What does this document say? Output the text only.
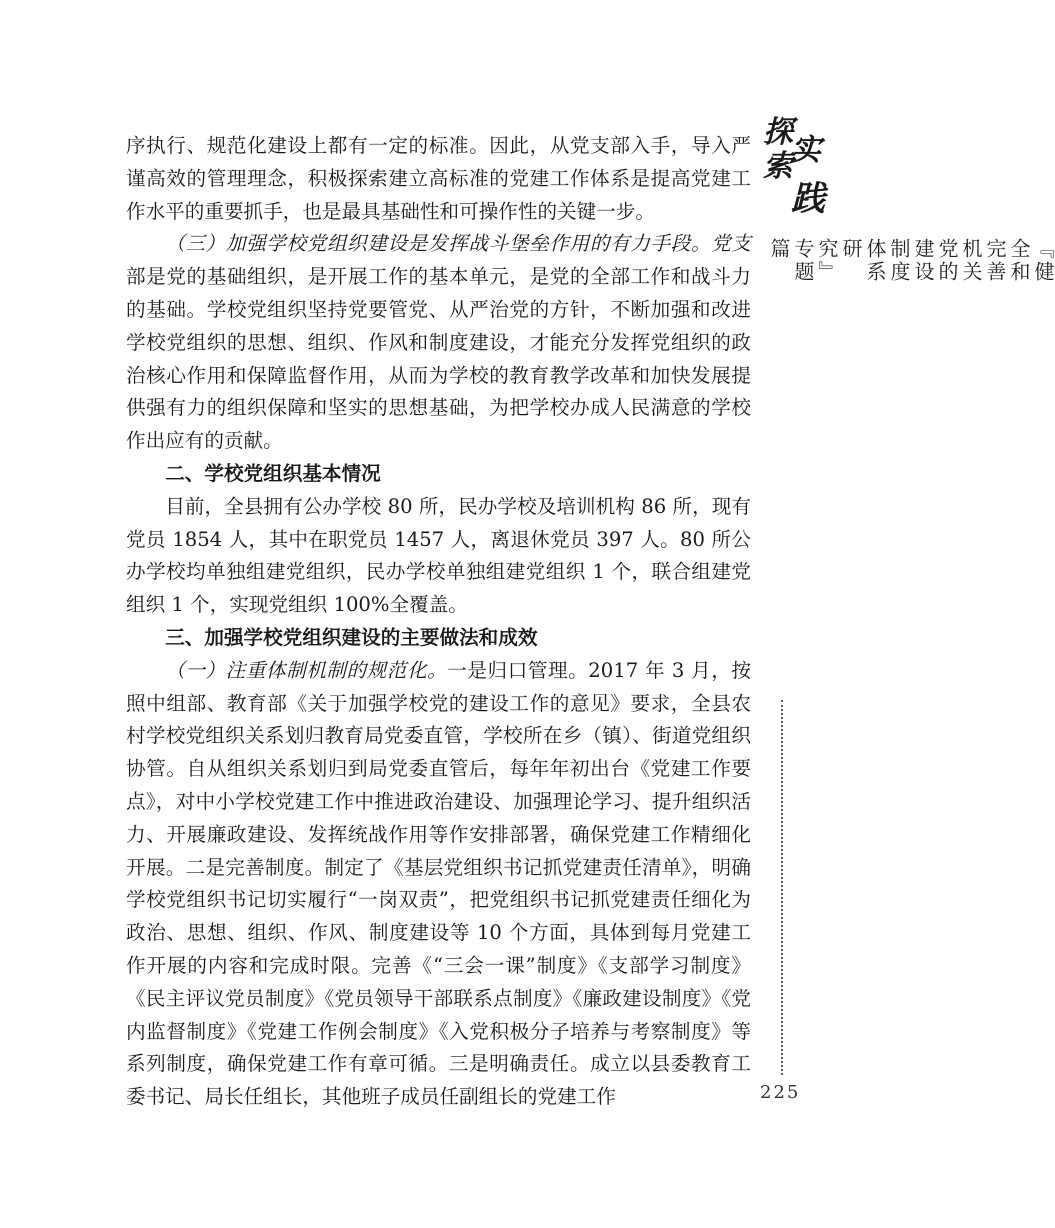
序执行、规范化建设上都有一定的标准。因此，从党支部入手，导入严谨高效的管理理念，积极探索建立高标准的党建工作体系是提高党建工作水平的重要抓手，也是最具基础性和可操作性的关键一步。

（三）加强学校党组织建设是发挥战斗堡垒作用的有力手段。党支部是党的基础组织，是开展工作的基本单元，是党的全部工作和战斗力的基础。学校党组织坚持党要管党、从严治党的方针，不断加强和改进学校党组织的思想、组织、作风和制度建设，才能充分发挥党组织的政治核心作用和保障监督作用，从而为学校的教育教学改革和加快发展提供强有力的组织保障和坚实的思想基础，为把学校办成人民满意的学校作出应有的贡献。

二、学校党组织基本情况

目前，全县拥有公办学校 80 所，民办学校及培训机构 86 所，现有党员 1854 人，其中在职党员 1457 人，离退休党员 397 人。80 所公办学校均单独组建党组织，民办学校单独组建党组织 1 个，联合组建党组织 1 个，实现党组织 100%全覆盖。

三、加强学校党组织建设的主要做法和成效

（一）注重体制机制的规范化。一是归口管理。2017 年 3 月，按照中组部、教育部《关于加强学校党的建设工作的意见》要求，全县农村学校党组织关系划归教育局党委直管，学校所在乡（镇）、街道党组织协管。自从组织关系划归到局党委直管后，每年年初出台《党建工作要点》，对中小学校党建工作中推进政治建设、加强理论学习、提升组织活力、开展廉政建设、发挥统战作用等作安排部署，确保党建工作精细化开展。二是完善制度。制定了《基层党组织书记抓党建责任清单》，明确学校党组织书记切实履行“一岗双责”，把党组织书记抓党建责任细化为政治、思想、组织、作风、制度建设等 10 个方面，具体到每月党建工作开展的内容和完成时限。完善《“三会一课”制度》《支部学习制度》《民主评议党员制度》《党员领导干部联系点制度》《廉政建设制度》《党内监督制度》《党建工作例会制度》《入党积极分子培养与考察制度》等系列制度，确保党建工作有章可循。三是明确责任。成立以县委教育工委书记、局长任组长，其他班子成员任副组长的党建工作

探
实
索
践
『健全和完善机关党的建设制度体系研究』专题篇
225
